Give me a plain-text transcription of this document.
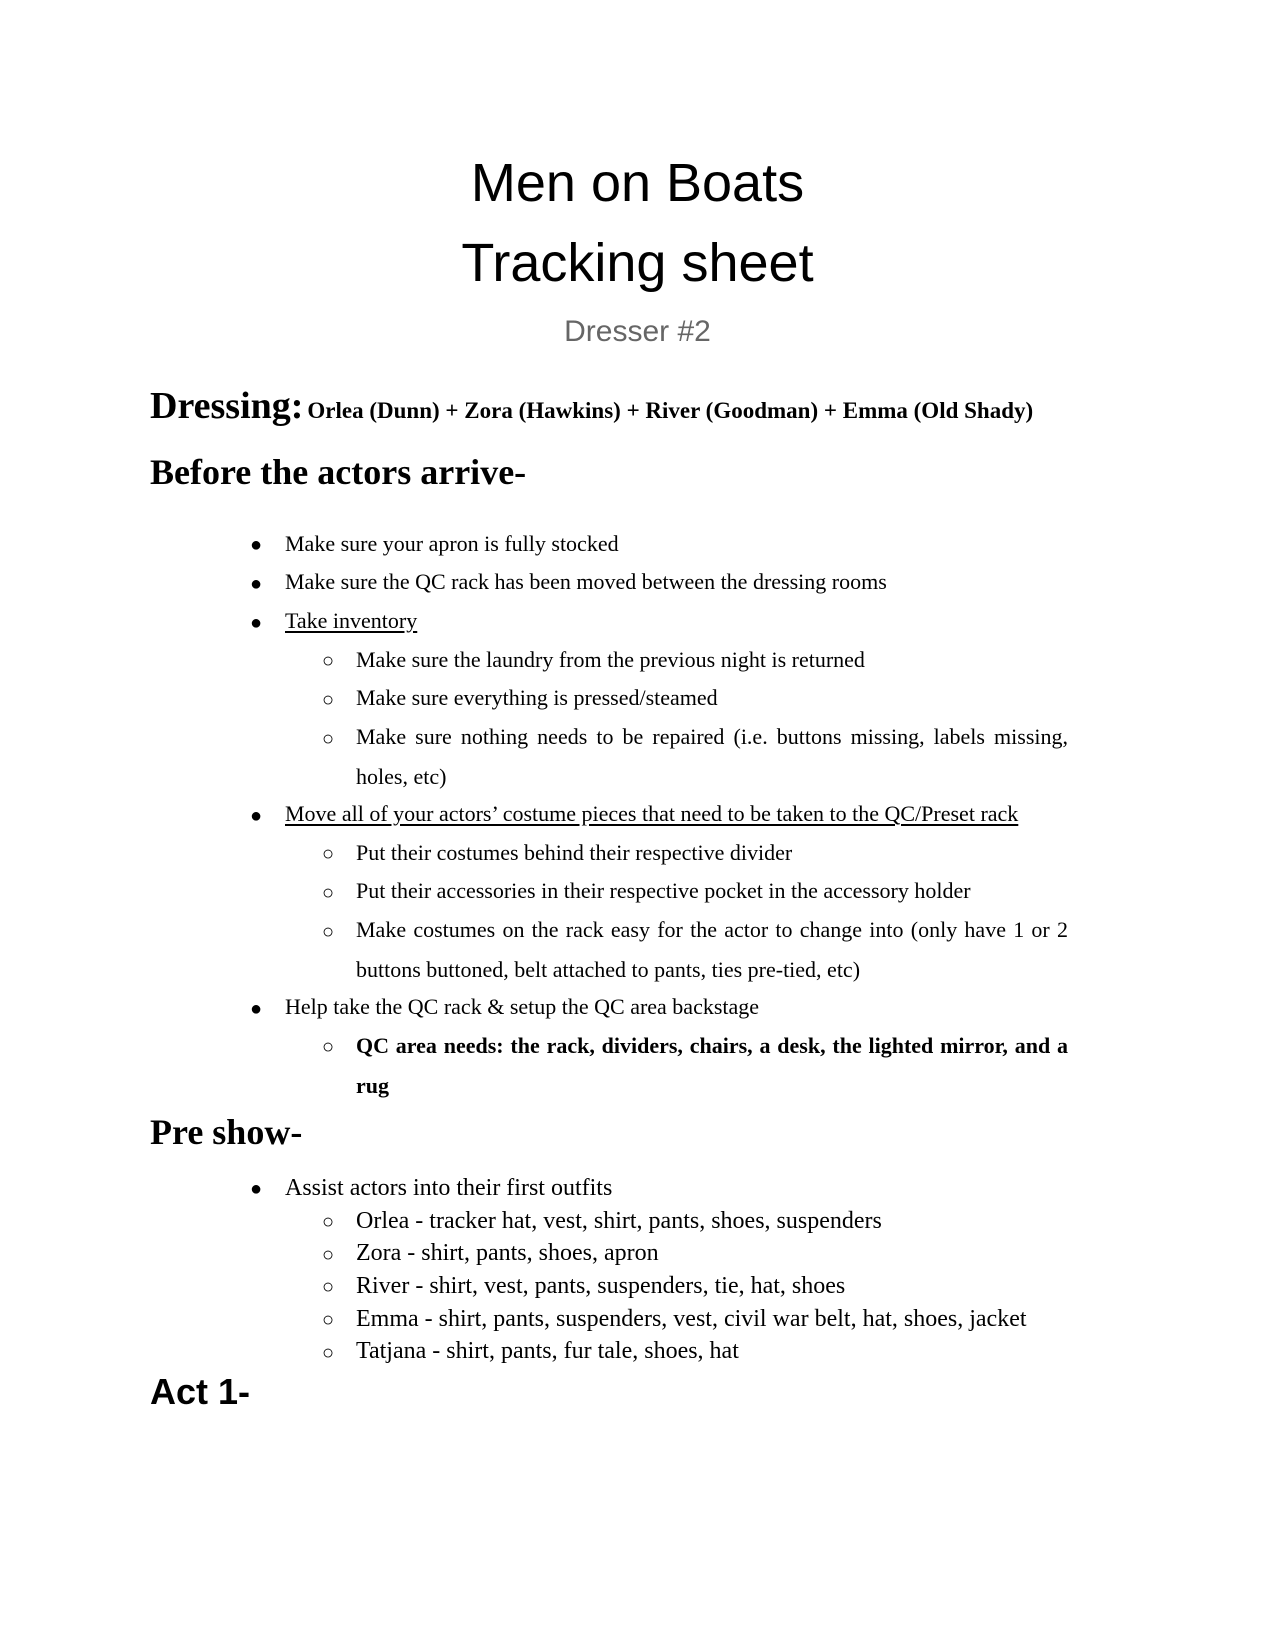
Men on Boats
Tracking sheet
Dresser #2
Dressing: Orlea (Dunn) + Zora (Hawkins) + River (Goodman) + Emma (Old Shady)
Before the actors arrive-
● Make sure your apron is fully stocked
● Make sure the QC rack has been moved between the dressing rooms
● Take inventory
○ Make sure the laundry from the previous night is returned
○ Make sure everything is pressed/steamed
○ Make sure nothing needs to be repaired (i.e. buttons missing, labels missing, holes, etc)
● Move all of your actors’ costume pieces that need to be taken to the QC/Preset rack
○ Put their costumes behind their respective divider
○ Put their accessories in their respective pocket in the accessory holder
○ Make costumes on the rack easy for the actor to change into (only have 1 or 2 buttons buttoned, belt attached to pants, ties pre-tied, etc)
● Help take the QC rack & setup the QC area backstage
○ QC area needs: the rack, dividers, chairs, a desk, the lighted mirror, and a rug
Pre show-
● Assist actors into their first outfits
○ Orlea - tracker hat, vest, shirt, pants, shoes, suspenders
○ Zora - shirt, pants, shoes, apron
○ River - shirt, vest, pants, suspenders, tie, hat, shoes
○ Emma - shirt, pants, suspenders, vest, civil war belt, hat, shoes, jacket
○ Tatjana - shirt, pants, fur tale, shoes, hat
Act 1-
